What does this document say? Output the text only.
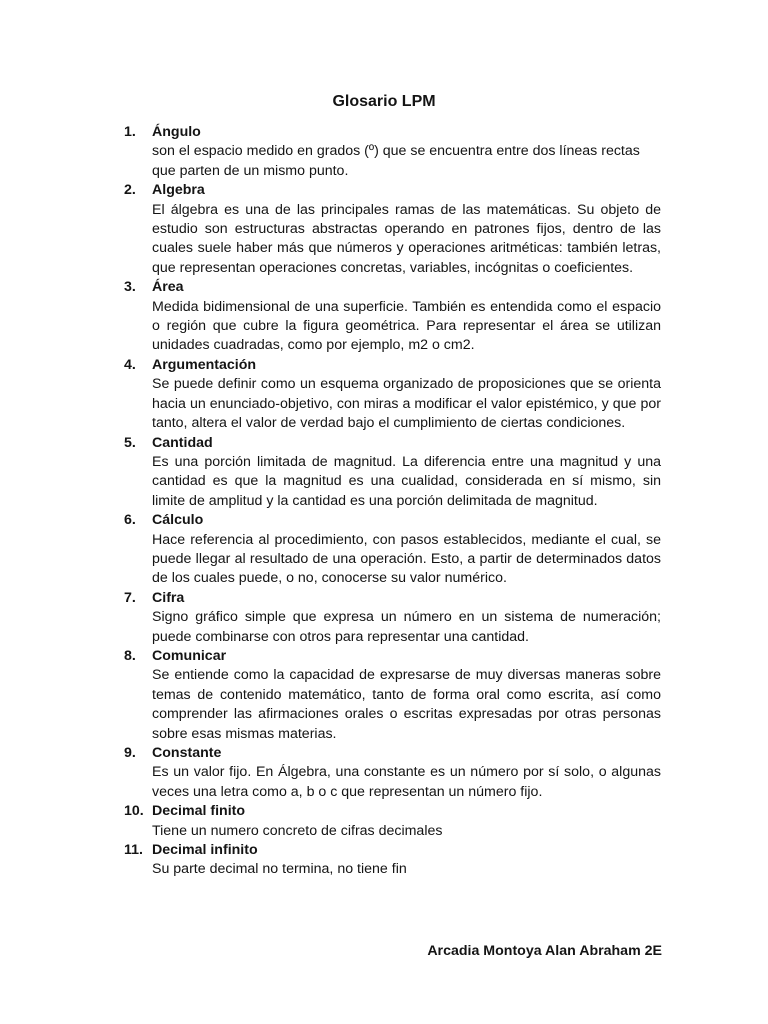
Glosario LPM
1.	Ángulo
son el espacio medido en grados (º) que se encuentra entre dos líneas rectas que parten de un mismo punto.
2.	Algebra
El álgebra es una de las principales ramas de las matemáticas. Su objeto de estudio son estructuras abstractas operando en patrones fijos, dentro de las cuales suele haber más que números y operaciones aritméticas: también letras, que representan operaciones concretas, variables, incógnitas o coeficientes.
3.	Área
Medida bidimensional de una superficie. También es entendida como el espacio o región que cubre la figura geométrica. Para representar el área se utilizan unidades cuadradas, como por ejemplo, m2 o cm2.
4.	Argumentación
Se puede definir como un esquema organizado de proposiciones que se orienta hacia un enunciado-objetivo, con miras a modificar el valor epistémico, y que por tanto, altera el valor de verdad bajo el cumplimiento de ciertas condiciones.
5.	Cantidad
Es una porción limitada de magnitud. La diferencia entre una magnitud y una cantidad es que la magnitud es una cualidad, considerada en sí mismo, sin limite de amplitud y la cantidad es una porción delimitada de magnitud.
6.	Cálculo
Hace referencia al procedimiento, con pasos establecidos, mediante el cual, se puede llegar al resultado de una operación. Esto, a partir de determinados datos de los cuales puede, o no, conocerse su valor numérico.
7.	Cifra
Signo gráfico simple que expresa un número en un sistema de numeración; puede combinarse con otros para representar una cantidad.
8.	Comunicar
Se entiende como la capacidad de expresarse de muy diversas maneras sobre temas de contenido matemático, tanto de forma oral como escrita, así como comprender las afirmaciones orales o escritas expresadas por otras personas sobre esas mismas materias.
9.	Constante
Es un valor fijo. En Álgebra, una constante es un número por sí solo, o algunas veces una letra como a, b o c que representan un número fijo.
10. Decimal finito
Tiene un numero concreto de cifras decimales
11. Decimal infinito
Su parte decimal no termina, no tiene fin
Arcadia Montoya Alan Abraham 2E
